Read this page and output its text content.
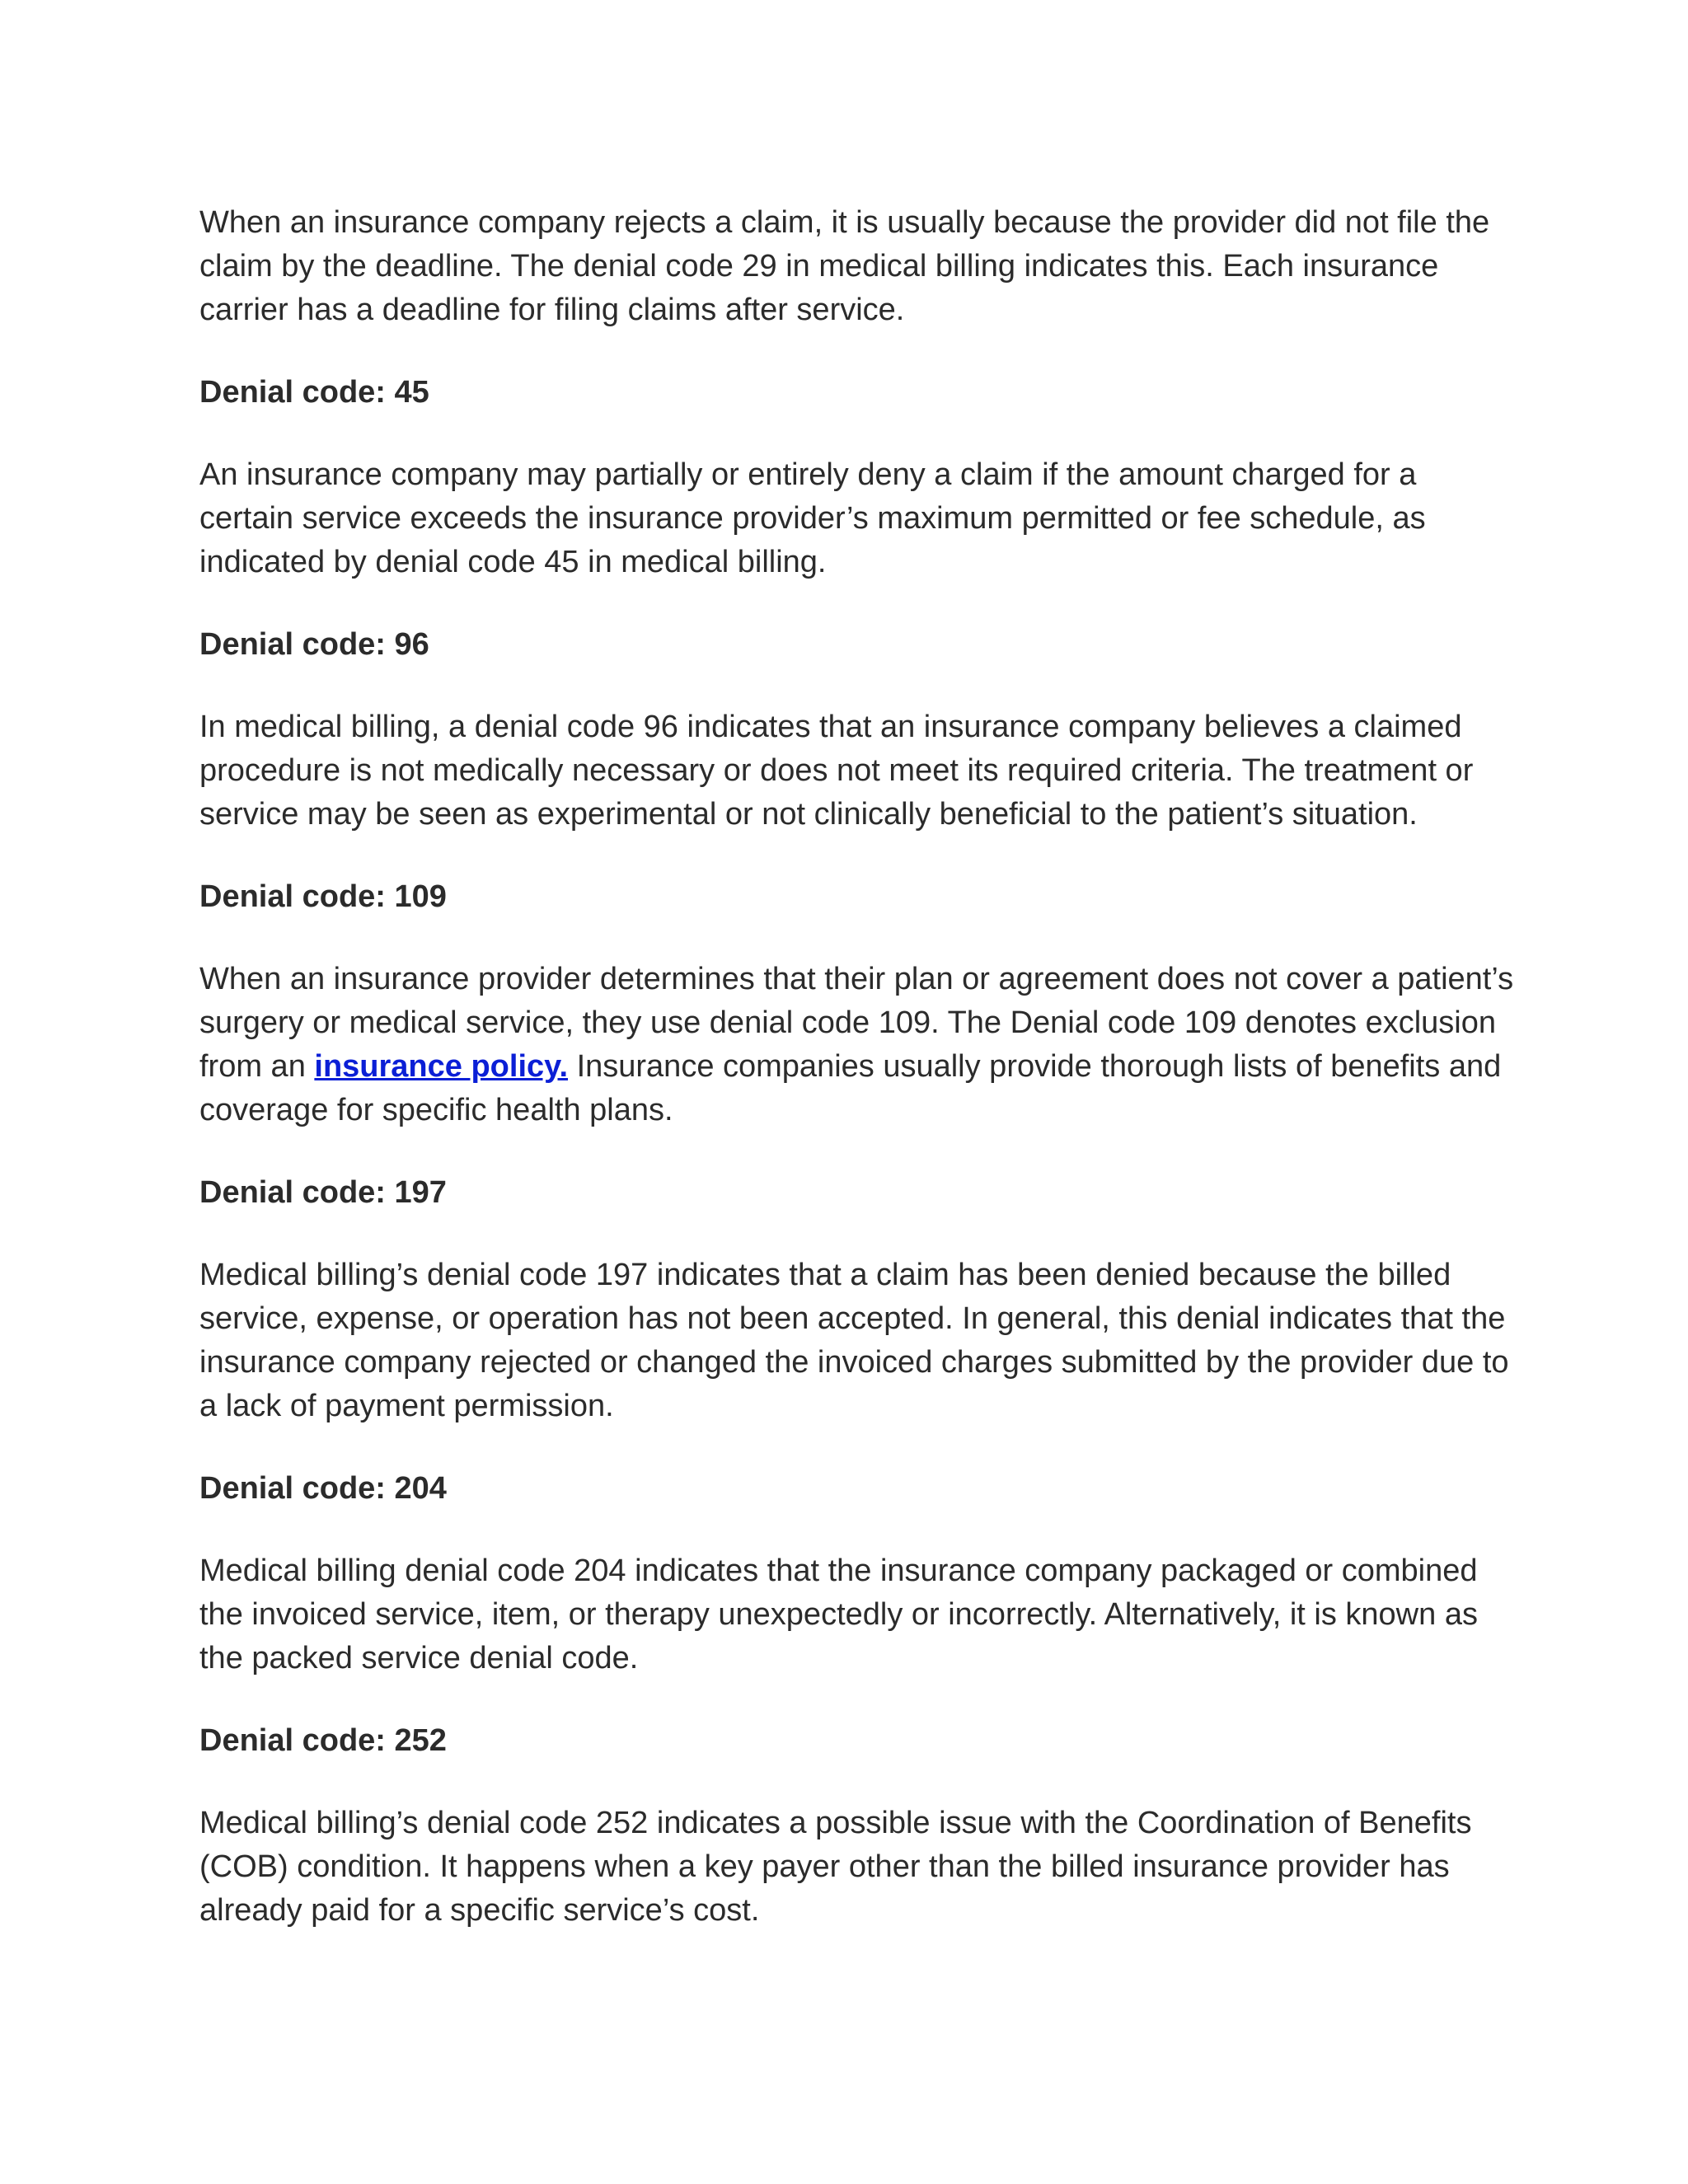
When an insurance company rejects a claim, it is usually because the provider did not file the claim by the deadline. The denial code 29 in medical billing indicates this. Each insurance carrier has a deadline for filing claims after service.

Denial code: 45

An insurance company may partially or entirely deny a claim if the amount charged for a certain service exceeds the insurance provider’s maximum permitted or fee schedule, as indicated by denial code 45 in medical billing.

Denial code: 96

In medical billing, a denial code 96 indicates that an insurance company believes a claimed procedure is not medically necessary or does not meet its required criteria. The treatment or service may be seen as experimental or not clinically beneficial to the patient’s situation.

Denial code: 109

When an insurance provider determines that their plan or agreement does not cover a patient’s surgery or medical service, they use denial code 109. The Denial code 109 denotes exclusion from an insurance policy. Insurance companies usually provide thorough lists of benefits and coverage for specific health plans.

Denial code: 197

Medical billing’s denial code 197 indicates that a claim has been denied because the billed service, expense, or operation has not been accepted. In general, this denial indicates that the insurance company rejected or changed the invoiced charges submitted by the provider due to a lack of payment permission.

Denial code: 204

Medical billing denial code 204 indicates that the insurance company packaged or combined the invoiced service, item, or therapy unexpectedly or incorrectly. Alternatively, it is known as the packed service denial code.

Denial code: 252

Medical billing’s denial code 252 indicates a possible issue with the Coordination of Benefits (COB) condition. It happens when a key payer other than the billed insurance provider has already paid for a specific service’s cost.
